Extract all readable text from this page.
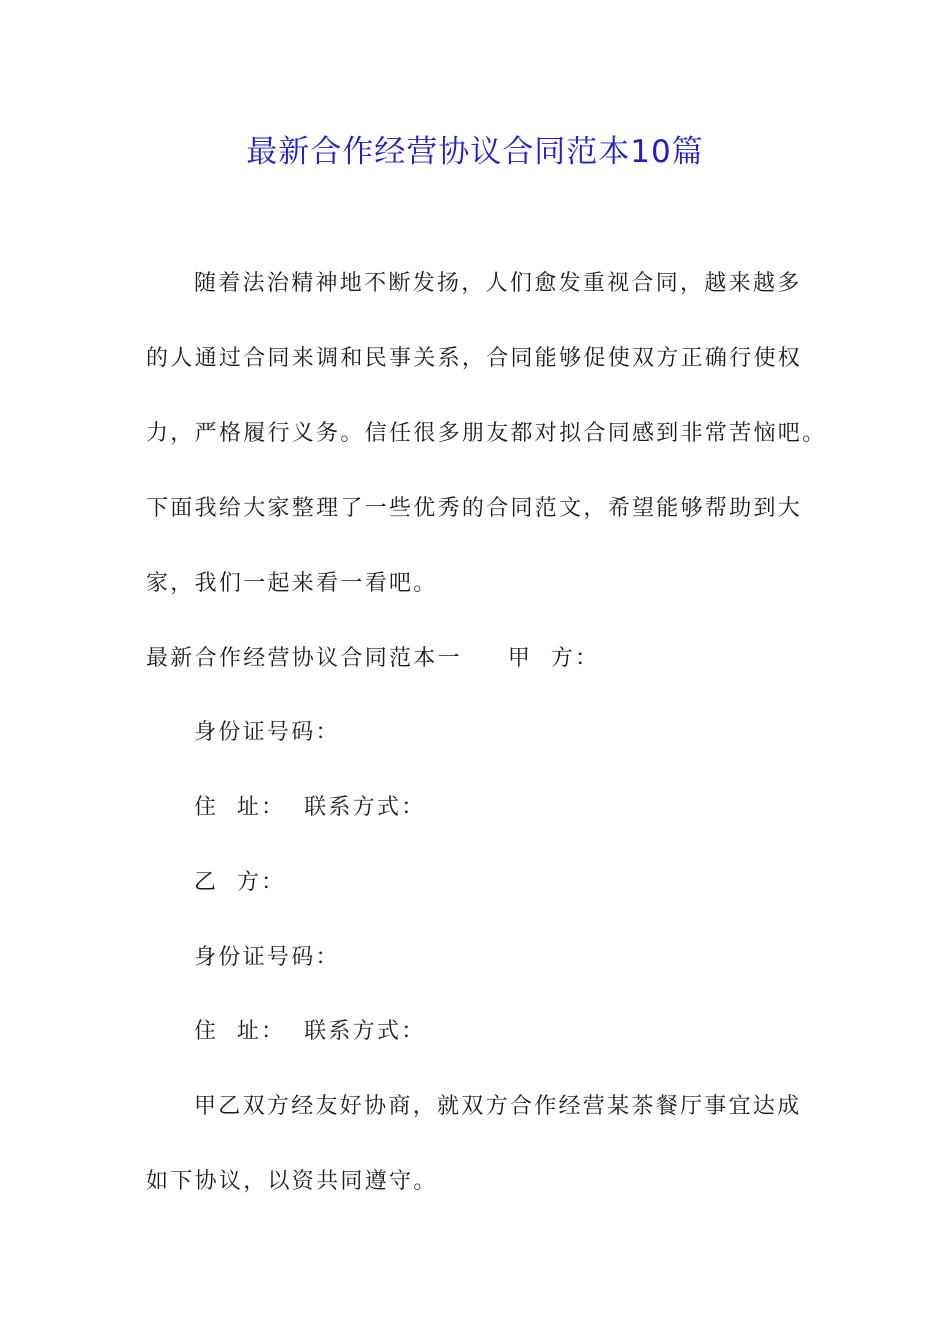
最新合作经营协议合同范本10篇
随着法治精神地不断发扬，人们愈发重视合同，越来越多
的人通过合同来调和民事关系，合同能够促使双方正确行使权
力，严格履行义务。信任很多朋友都对拟合同感到非常苦恼吧。
下面我给大家整理了一些优秀的合同范文，希望能够帮助到大
家，我们一起来看一看吧。
最新合作经营协议合同范本一 甲  方：
身份证号码：
住  址：  联系方式：
乙  方：
身份证号码：
住  址：  联系方式：
甲乙双方经友好协商，就双方合作经营某茶餐厅事宜达成
如下协议，以资共同遵守。
